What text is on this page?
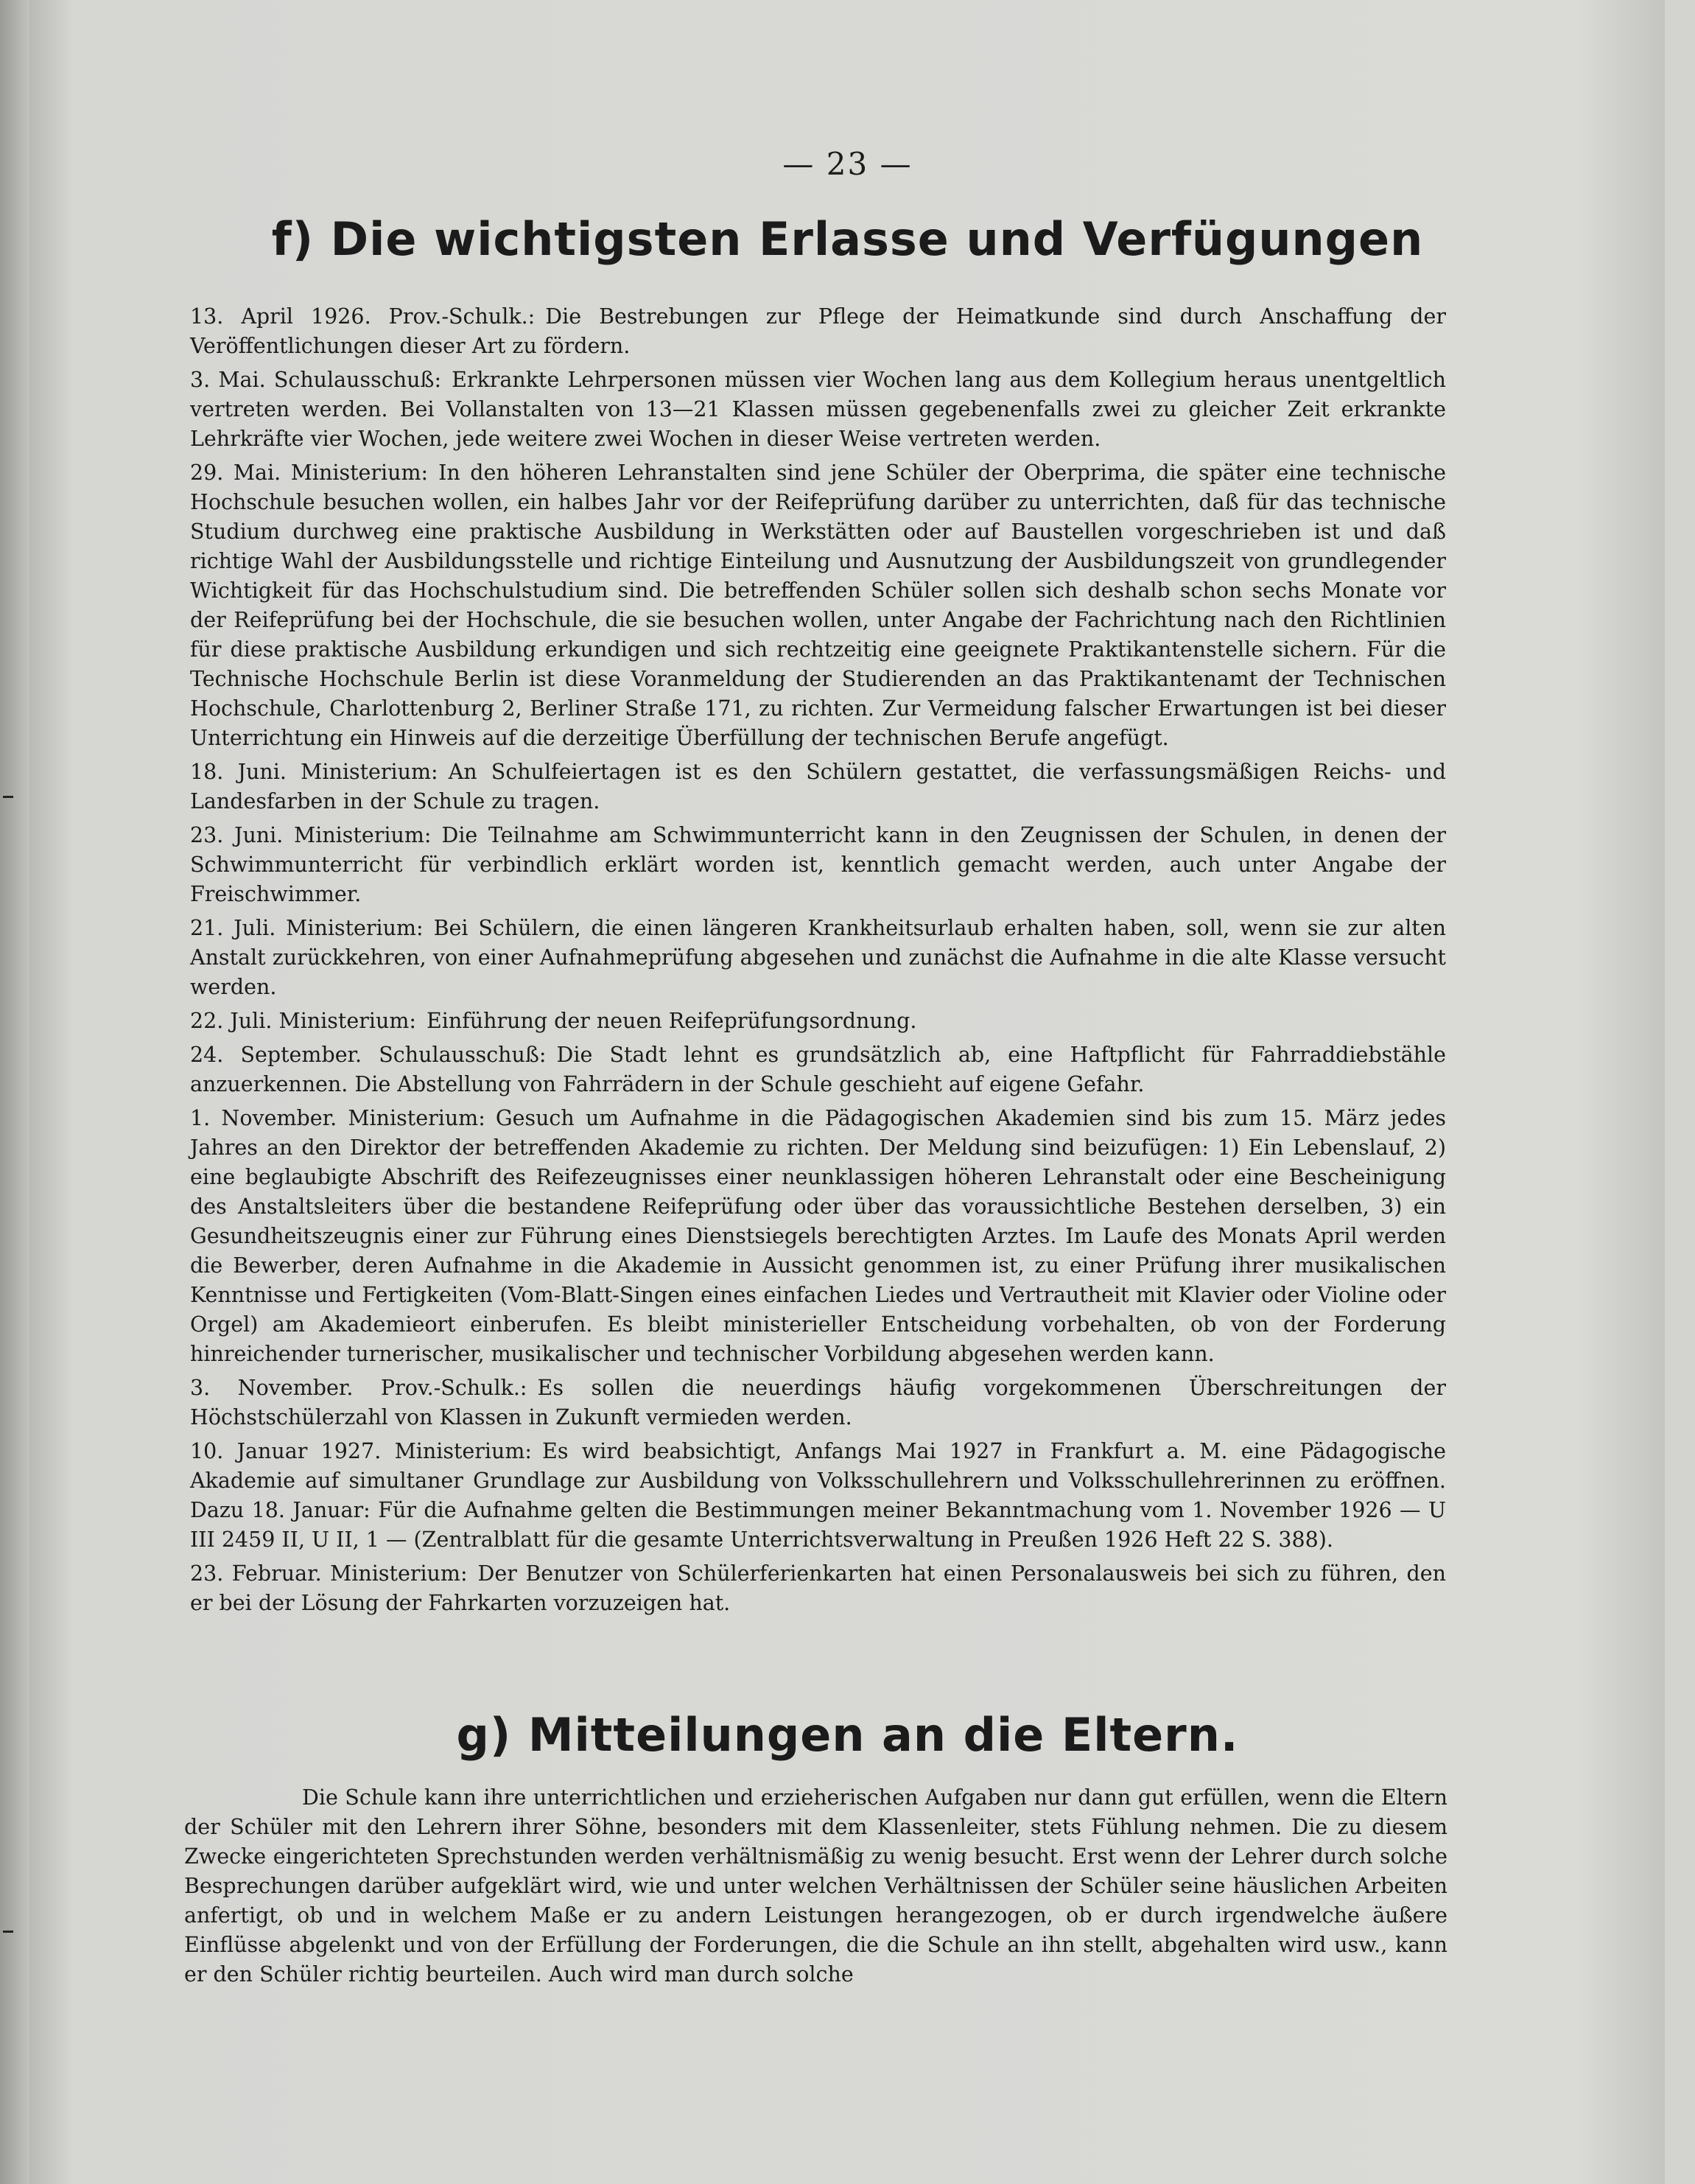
— 23 —
f) Die wichtigsten Erlasse und Verfügungen
13. April 1926. Prov.-Schulk.: Die Bestrebungen zur Pflege der Heimatkunde sind durch Anschaffung der Veröffentlichungen dieser Art zu fördern.
3. Mai. Schulausschuß: Erkrankte Lehrpersonen müssen vier Wochen lang aus dem Kollegium heraus unentgeltlich vertreten werden. Bei Vollanstalten von 13—21 Klassen müssen gegebenenfalls zwei zu gleicher Zeit erkrankte Lehrkräfte vier Wochen, jede weitere zwei Wochen in dieser Weise vertreten werden.
29. Mai. Ministerium: In den höheren Lehranstalten sind jene Schüler der Oberprima, die später eine technische Hochschule besuchen wollen, ein halbes Jahr vor der Reifeprüfung darüber zu unterrichten, daß für das technische Studium durchweg eine praktische Ausbildung in Werkstätten oder auf Baustellen vorgeschrieben ist und daß richtige Wahl der Ausbildungsstelle und richtige Einteilung und Ausnutzung der Ausbildungszeit von grundlegender Wichtigkeit für das Hochschulstudium sind. Die betreffenden Schüler sollen sich deshalb schon sechs Monate vor der Reifeprüfung bei der Hochschule, die sie besuchen wollen, unter Angabe der Fachrichtung nach den Richtlinien für diese praktische Ausbildung erkundigen und sich rechtzeitig eine geeignete Praktikantenstelle sichern. Für die Technische Hochschule Berlin ist diese Voranmeldung der Studierenden an das Praktikantenamt der Technischen Hochschule, Charlottenburg 2, Berliner Straße 171, zu richten. Zur Vermeidung falscher Erwartungen ist bei dieser Unterrichtung ein Hinweis auf die derzeitige Überfüllung der technischen Berufe angefügt.
18. Juni. Ministerium: An Schulfeiertagen ist es den Schülern gestattet, die verfassungsmäßigen Reichs- und Landesfarben in der Schule zu tragen.
23. Juni. Ministerium: Die Teilnahme am Schwimmunterricht kann in den Zeugnissen der Schulen, in denen der Schwimmunterricht für verbindlich erklärt worden ist, kenntlich gemacht werden, auch unter Angabe der Freischwimmer.
21. Juli. Ministerium: Bei Schülern, die einen längeren Krankheitsurlaub erhalten haben, soll, wenn sie zur alten Anstalt zurückkehren, von einer Aufnahmeprüfung abgesehen und zunächst die Aufnahme in die alte Klasse versucht werden.
22. Juli. Ministerium: Einführung der neuen Reifeprüfungsordnung.
24. September. Schulausschuß: Die Stadt lehnt es grundsätzlich ab, eine Haftpflicht für Fahrraddiebstähle anzuerkennen. Die Abstellung von Fahrrädern in der Schule geschieht auf eigene Gefahr.
1. November. Ministerium: Gesuch um Aufnahme in die Pädagogischen Akademien sind bis zum 15. März jedes Jahres an den Direktor der betreffenden Akademie zu richten. Der Meldung sind beizufügen: 1) Ein Lebenslauf, 2) eine beglaubigte Abschrift des Reifezeugnisses einer neunklassigen höheren Lehranstalt oder eine Bescheinigung des Anstaltsleiters über die bestandene Reifeprüfung oder über das voraussichtliche Bestehen derselben, 3) ein Gesundheitszeugnis einer zur Führung eines Dienstsiegels berechtigten Arztes. Im Laufe des Monats April werden die Bewerber, deren Aufnahme in die Akademie in Aussicht genommen ist, zu einer Prüfung ihrer musikalischen Kenntnisse und Fertigkeiten (Vom-Blatt-Singen eines einfachen Liedes und Vertrautheit mit Klavier oder Violine oder Orgel) am Akademieort einberufen. Es bleibt ministerieller Entscheidung vorbehalten, ob von der Forderung hinreichender turnerischer, musikalischer und technischer Vorbildung abgesehen werden kann.
3. November. Prov.-Schulk.: Es sollen die neuerdings häufig vorgekommenen Überschreitungen der Höchstschülerzahl von Klassen in Zukunft vermieden werden.
10. Januar 1927. Ministerium: Es wird beabsichtigt, Anfangs Mai 1927 in Frankfurt a. M. eine Pädagogische Akademie auf simultaner Grundlage zur Ausbildung von Volksschullehrern und Volksschullehrerinnen zu eröffnen. Dazu 18. Januar: Für die Aufnahme gelten die Bestimmungen meiner Bekanntmachung vom 1. November 1926 — U III 2459 II, U II, 1 — (Zentralblatt für die gesamte Unterrichtsverwaltung in Preußen 1926 Heft 22 S. 388).
23. Februar. Ministerium: Der Benutzer von Schülerferienkarten hat einen Personalausweis bei sich zu führen, den er bei der Lösung der Fahrkarten vorzuzeigen hat.
g) Mitteilungen an die Eltern.
Die Schule kann ihre unterrichtlichen und erzieherischen Aufgaben nur dann gut erfüllen, wenn die Eltern der Schüler mit den Lehrern ihrer Söhne, besonders mit dem Klassenleiter, stets Fühlung nehmen. Die zu diesem Zwecke eingerichteten Sprechstunden werden verhältnismäßig zu wenig besucht. Erst wenn der Lehrer durch solche Besprechungen darüber aufgeklärt wird, wie und unter welchen Verhältnissen der Schüler seine häuslichen Arbeiten anfertigt, ob und in welchem Maße er zu andern Leistungen herangezogen, ob er durch irgendwelche äußere Einflüsse abgelenkt und von der Erfüllung der Forderungen, die die Schule an ihn stellt, abgehalten wird usw., kann er den Schüler richtig beurteilen. Auch wird man durch solche
